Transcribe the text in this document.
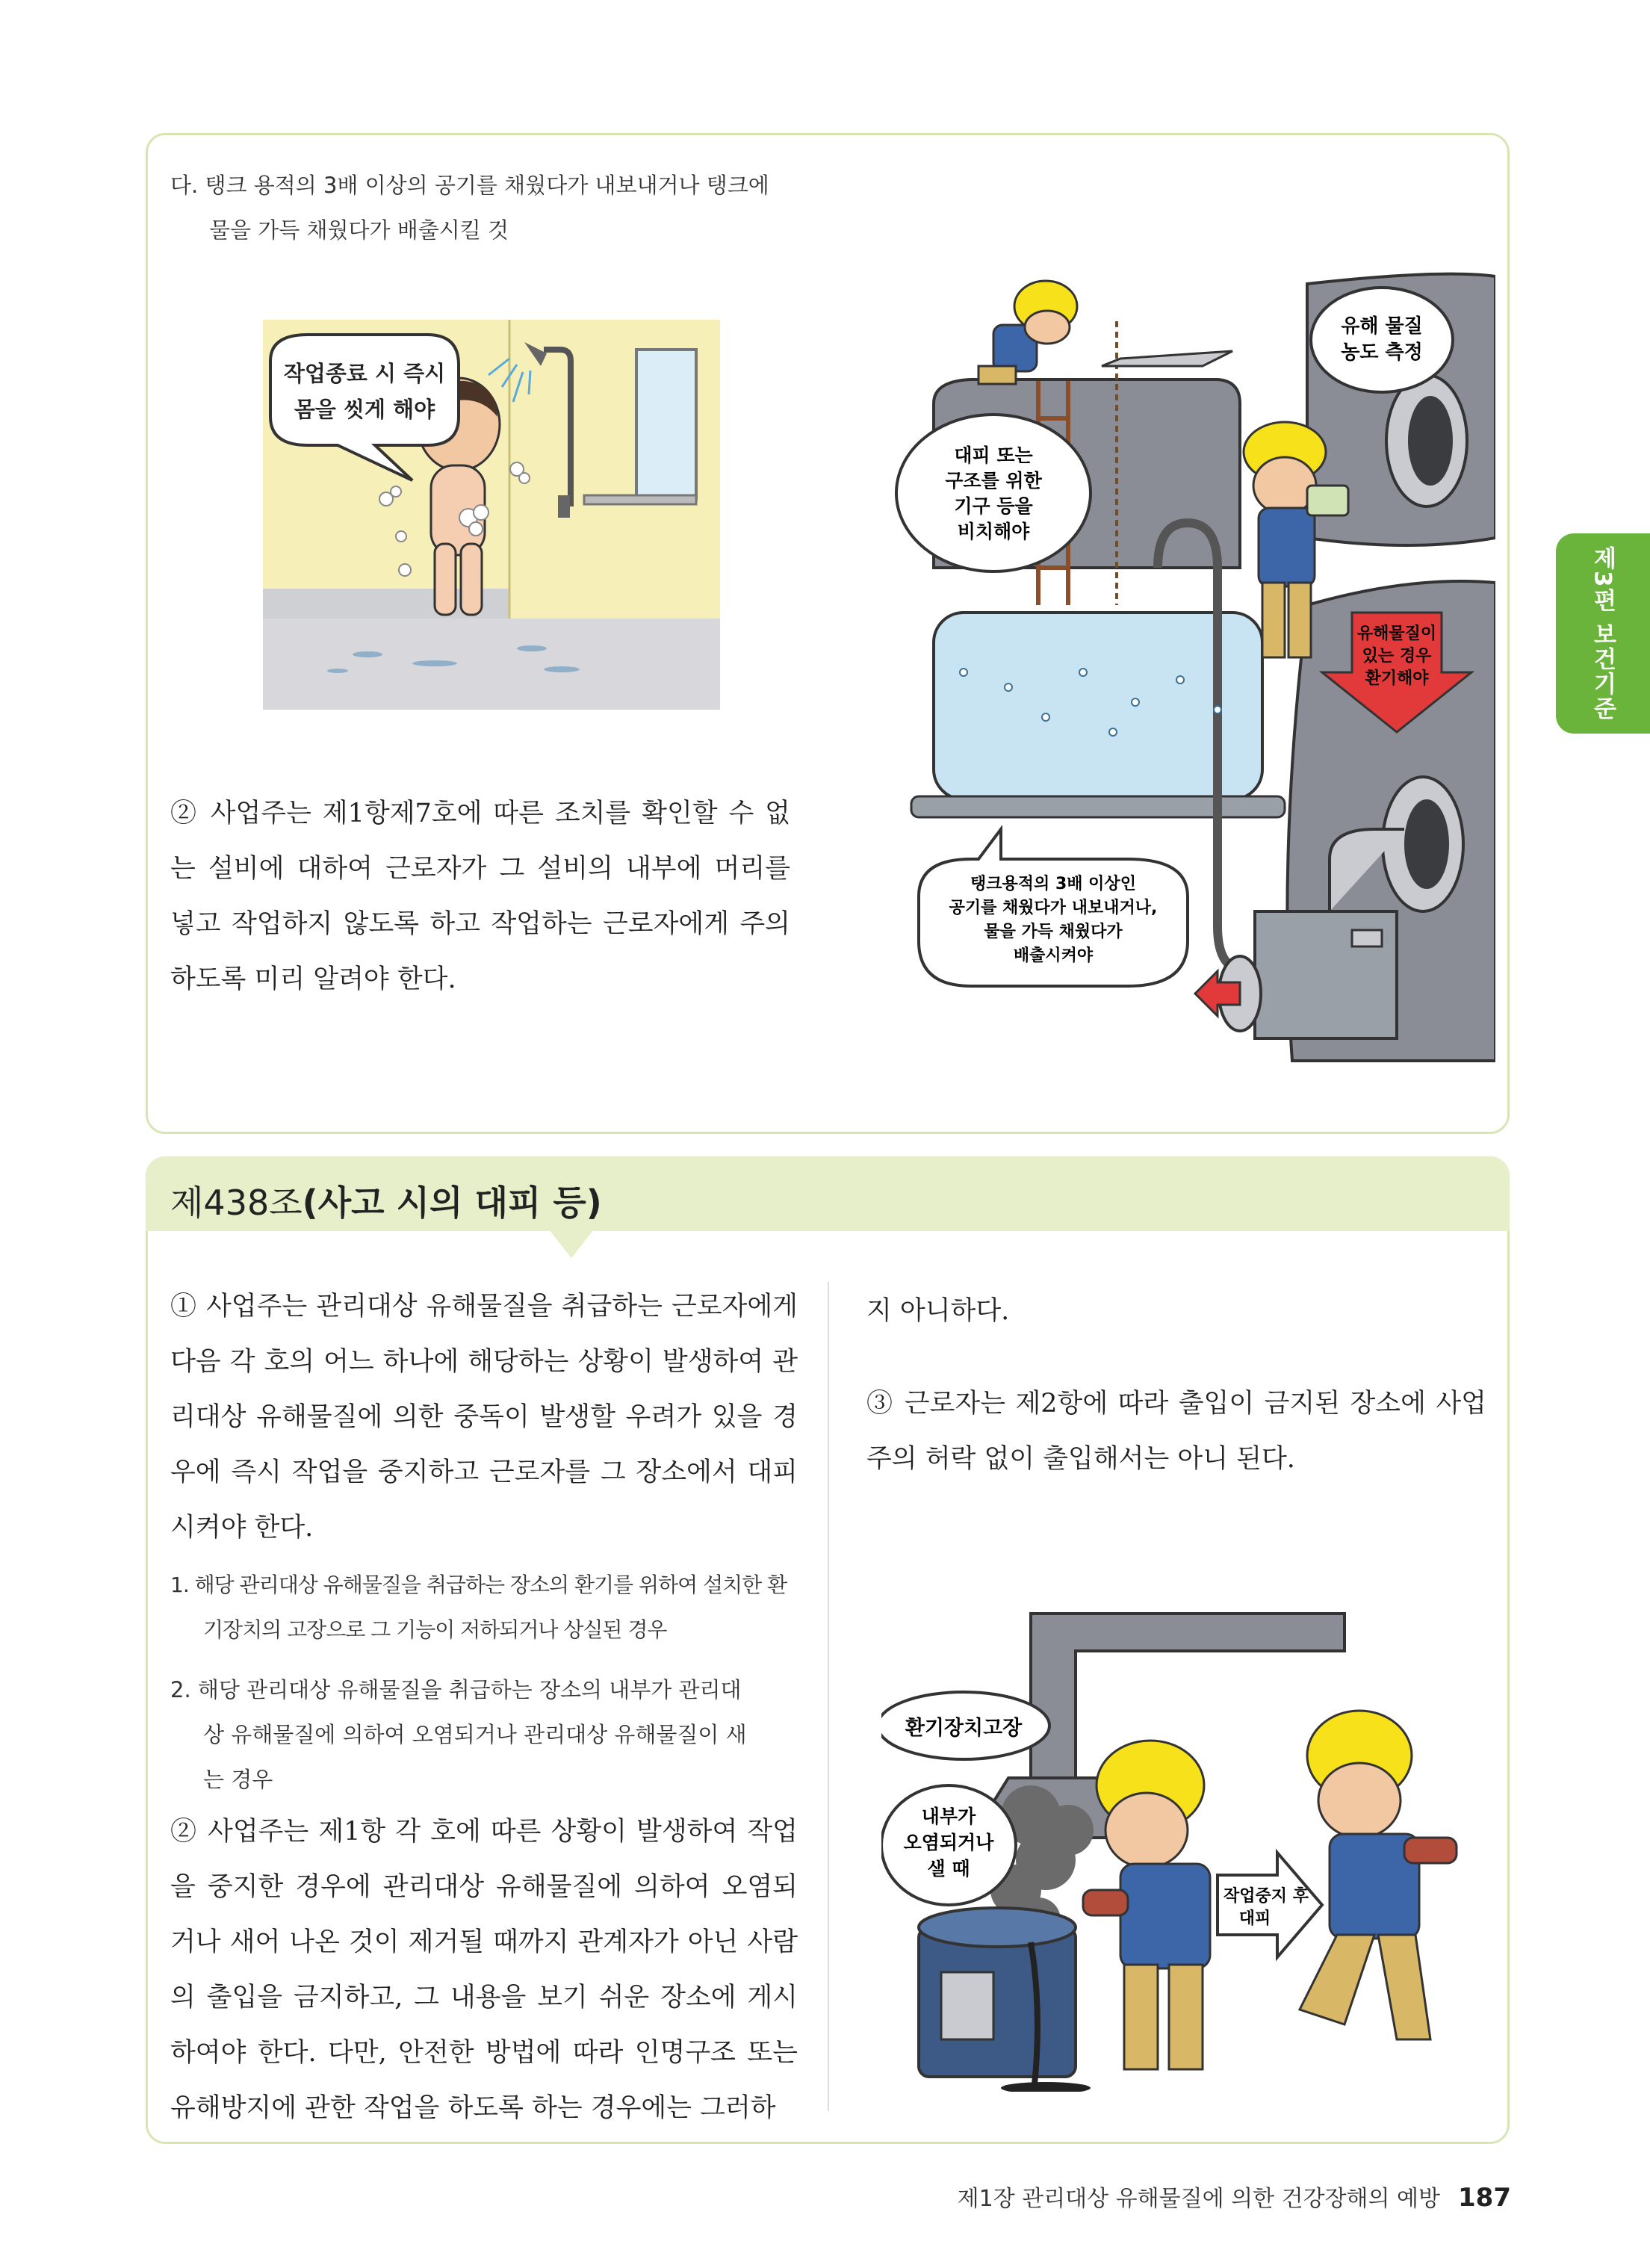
제438조(사고 시의 대피 등)
다. 탱크 용적의 3배 이상의 공기를 채웠다가 내보내거나 탱크에
물을 가득 채웠다가 배출시킬 것
② 사업주는 제1항제7호에 따른 조치를 확인할 수 없는 설비에 대하여 근로자가 그 설비의 내부에 머리를 넣고 작업하지 않도록 하고 작업하는 근로자에게 주의하도록 미리 알려야 한다.
① 사업주는 관리대상 유해물질을 취급하는 근로자에게 다음 각 호의 어느 하나에 해당하는 상황이 발생하여 관리대상 유해물질에 의한 중독이 발생할 우려가 있을 경우에 즉시 작업을 중지하고 근로자를 그 장소에서 대피시켜야 한다.
1. 해당 관리대상 유해물질을 취급하는 장소의 환기를 위하여 설치한 환

기장치의 고장으로 그 기능이 저하되거나 상실된 경우
2. 해당 관리대상 유해물질을 취급하는 장소의 내부가 관리대

상 유해물질에 의하여 오염되거나 관리대상 유해물질이 새
는 경우
② 사업주는 제1항 각 호에 따른 상황이 발생하여 작업을 중지한 경우에 관리대상 유해물질에 의하여 오염되거나 새어 나온 것이 제거될 때까지 관계자가 아닌 사람의 출입을 금지하고, 그 내용을 보기 쉬운 장소에 게시하여야 한다. 다만, 안전한 방법에 따라 인명구조 또는 유해방지에 관한 작업을 하도록 하는 경우에는 그러하
지 아니하다.
③ 근로자는 제2항에 따라 출입이 금지된 장소에 사업주의 허락 없이 출입해서는 아니 된다.
제3편 보건기준
제1장 관리대상 유해물질에 의한 건강장해의 예방 187
작업종료 시 즉시
몸을 씻게 해야
대피 또는
구조를 위한
기구 등을
비치해야
유해 물질
농도 측정
유해물질이
있는 경우
환기해야
탱크용적의 3배 이상인
공기를 채웠다가 내보내거나,
물을 가득 채웠다가
배출시켜야
환기장치고장
내부가
오염되거나
샐 때
작업중지 후
대피
